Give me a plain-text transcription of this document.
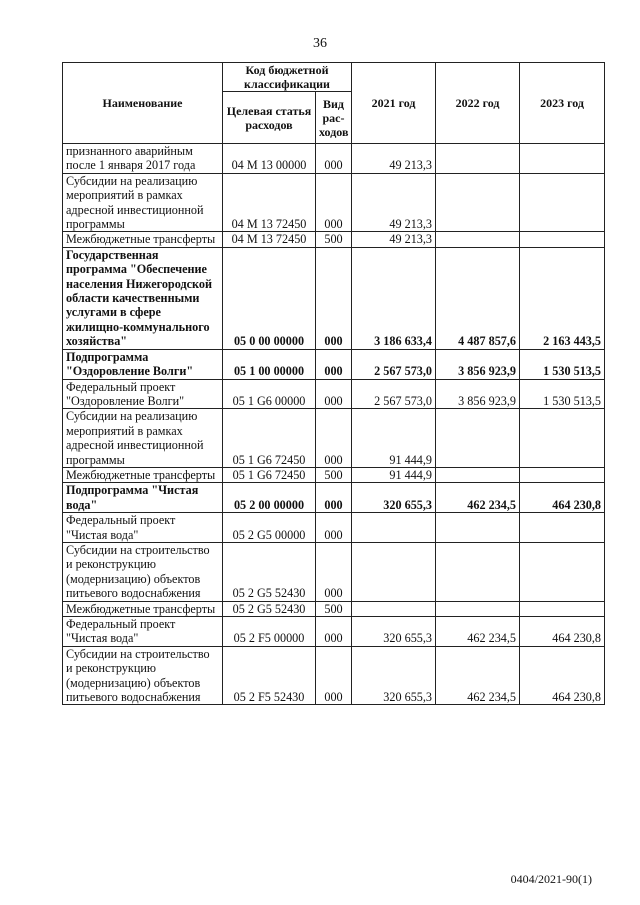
36
Наименование	Код бюджетной классификации		2021 год	2022 год	2023 год
	Целевая статья расходов	Вид рас-ходов			
признанного аварийным после 1 января 2017 года	04 М 13 00000	000	49 213,3		
Субсидии на реализацию мероприятий в рамках адресной инвестиционной программы	04 М 13 72450	000	49 213,3		
Межбюджетные трансферты	04 М 13 72450	500	49 213,3		
Государственная программа "Обеспечение населения Нижегородской области качественными услугами в сфере жилищно-коммунального хозяйства"	05 0 00 00000	000	3 186 633,4	4 487 857,6	2 163 443,5
Подпрограмма "Оздоровление Волги"	05 1 00 00000	000	2 567 573,0	3 856 923,9	1 530 513,5
Федеральный проект "Оздоровление Волги"	05 1 G6 00000	000	2 567 573,0	3 856 923,9	1 530 513,5
Субсидии на реализацию мероприятий в рамках адресной инвестиционной программы	05 1 G6 72450	000	91 444,9		
Межбюджетные трансферты	05 1 G6 72450	500	91 444,9		
Подпрограмма "Чистая вода"	05 2 00 00000	000	320 655,3	462 234,5	464 230,8
Федеральный проект "Чистая вода"	05 2 G5 00000	000			
Субсидии на строительство и реконструкцию (модернизацию) объектов питьевого водоснабжения	05 2 G5 52430	000			
Межбюджетные трансферты	05 2 G5 52430	500			
Федеральный проект "Чистая вода"	05 2 F5 00000	000	320 655,3	462 234,5	464 230,8
Субсидии на строительство и реконструкцию (модернизацию) объектов питьевого водоснабжения	05 2 F5 52430	000	320 655,3	462 234,5	464 230,8
0404/2021-90(1)
